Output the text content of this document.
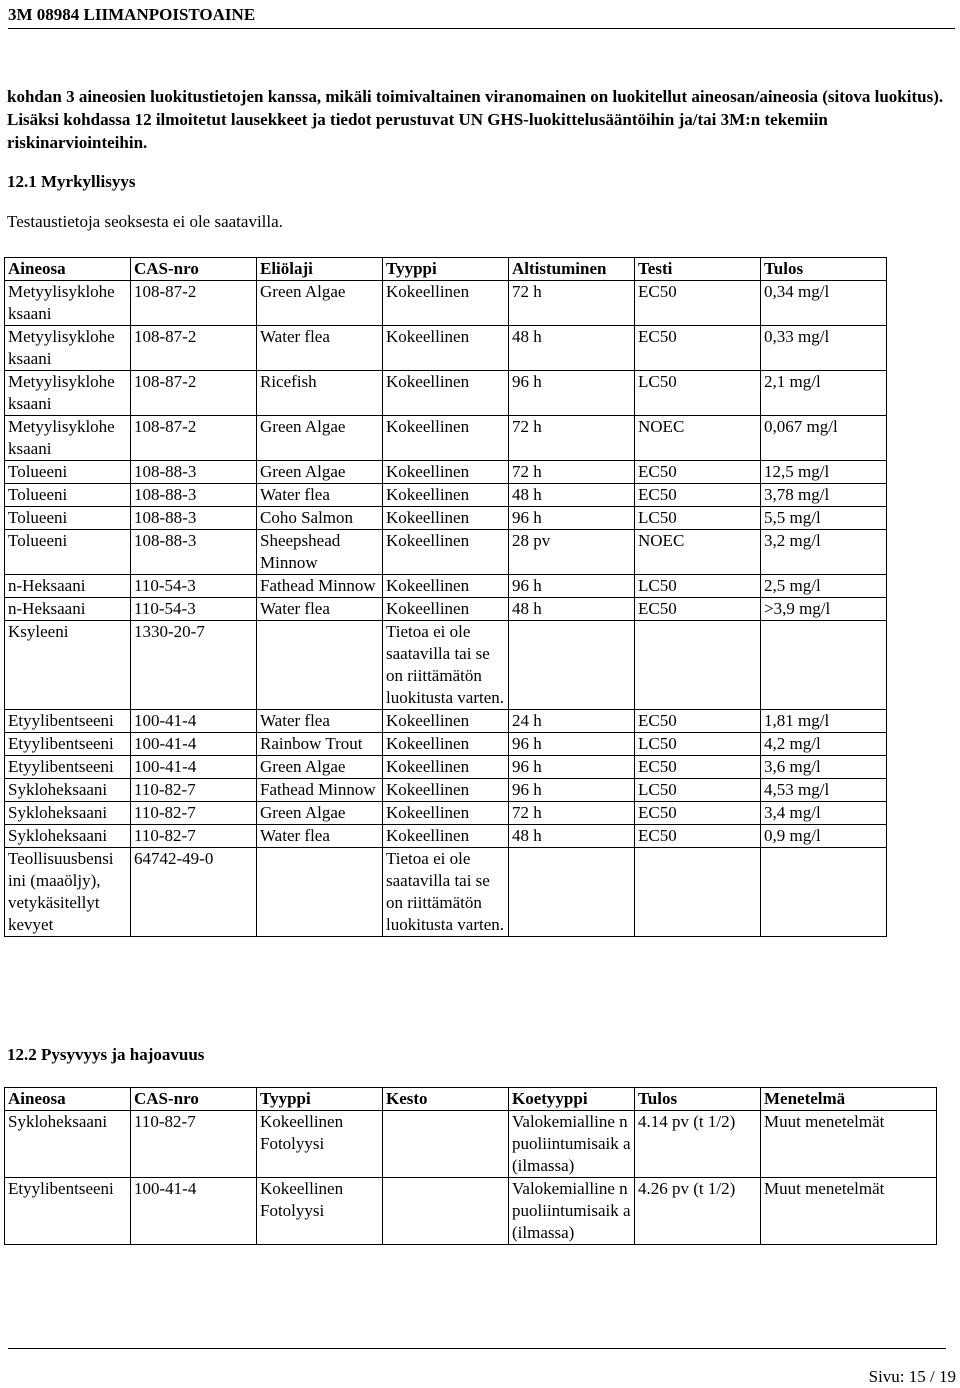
3M 08984 LIIMANPOISTOAINE
kohdan 3 aineosien luokitustietojen kanssa, mikäli toimivaltainen viranomainen on luokitellut aineosan/aineosia (sitova luokitus). Lisäksi kohdassa 12 ilmoitetut lausekkeet ja tiedot perustuvat UN GHS-luokittelusääntöihin ja/tai 3M:n tekemiin riskinarviointeihin.
12.1 Myrkyllisyys
Testaustietoja seoksesta ei ole saatavilla.
Aineosa	CAS-nro	Eliölaji	Tyyppi	Altistuminen	Testi	Tulos
Metyylisyklohe ksaani	108-87-2	Green Algae	Kokeellinen	72 h	EC50	0,34 mg/l
Metyylisyklohe ksaani	108-87-2	Water flea	Kokeellinen	48 h	EC50	0,33 mg/l
Metyylisyklohe ksaani	108-87-2	Ricefish	Kokeellinen	96 h	LC50	2,1 mg/l
Metyylisyklohe ksaani	108-87-2	Green Algae	Kokeellinen	72 h	NOEC	0,067 mg/l
Tolueeni	108-88-3	Green Algae	Kokeellinen	72 h	EC50	12,5 mg/l
Tolueeni	108-88-3	Water flea	Kokeellinen	48 h	EC50	3,78 mg/l
Tolueeni	108-88-3	Coho Salmon	Kokeellinen	96 h	LC50	5,5 mg/l
Tolueeni	108-88-3	Sheepshead Minnow	Kokeellinen	28 pv	NOEC	3,2 mg/l
n-Heksaani	110-54-3	Fathead Minnow	Kokeellinen	96 h	LC50	2,5 mg/l
n-Heksaani	110-54-3	Water flea	Kokeellinen	48 h	EC50	>3,9 mg/l
Ksyleeni	1330-20-7		Tietoa ei ole saatavilla tai se on riittämätön luokitusta varten.			
Etyylibentseeni	100-41-4	Water flea	Kokeellinen	24 h	EC50	1,81 mg/l
Etyylibentseeni	100-41-4	Rainbow Trout	Kokeellinen	96 h	LC50	4,2 mg/l
Etyylibentseeni	100-41-4	Green Algae	Kokeellinen	96 h	EC50	3,6 mg/l
Sykloheksaani	110-82-7	Fathead Minnow	Kokeellinen	96 h	LC50	4,53 mg/l
Sykloheksaani	110-82-7	Green Algae	Kokeellinen	72 h	EC50	3,4 mg/l
Sykloheksaani	110-82-7	Water flea	Kokeellinen	48 h	EC50	0,9 mg/l
Teollisuusbensi ini (maaöljy), vetykäsitellyt kevyet	64742-49-0		Tietoa ei ole saatavilla tai se on riittämätön luokitusta varten.			
12.2 Pysyvyys ja hajoavuus
Aineosa	CAS-nro	Tyyppi	Kesto	Koetyyppi	Tulos	Menetelmä
Sykloheksaani	110-82-7	Kokeellinen Fotolyysi		Valokemialline n puoliintumisaik a (ilmassa)	4.14 pv (t 1/2)	Muut menetelmät
Etyylibentseeni	100-41-4	Kokeellinen Fotolyysi		Valokemialline n puoliintumisaik a (ilmassa)	4.26 pv (t 1/2)	Muut menetelmät
Sivu: 15 / 19
